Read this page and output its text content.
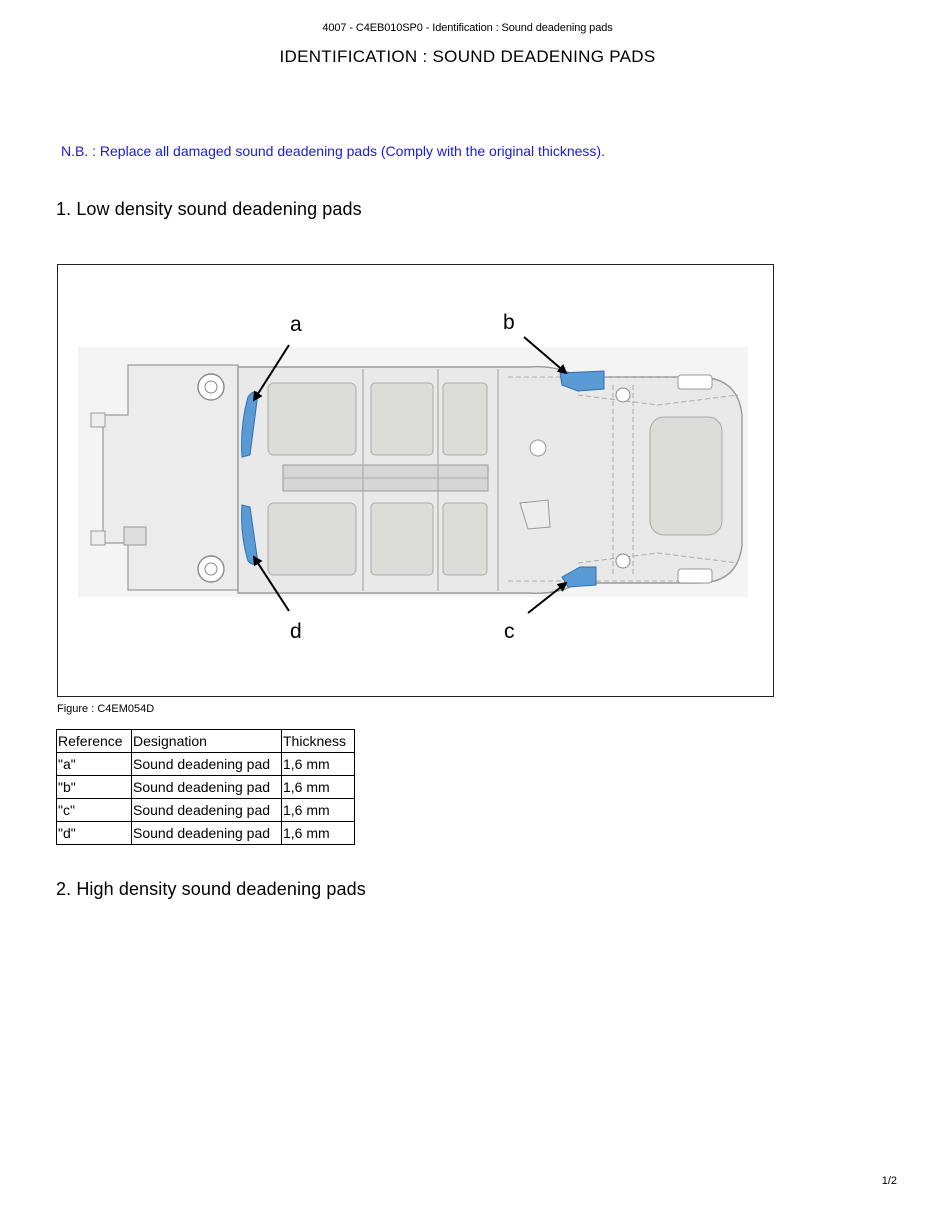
4007 - C4EB010SP0 - Identification : Sound deadening pads
IDENTIFICATION : SOUND DEADENING PADS
N.B. : Replace all damaged sound deadening pads (Comply with the original thickness).
1. Low density sound deadening pads
a	b
c
d
Figure : C4EM054D
Reference	Designation	Thickness
"a"	Sound deadening pad	1,6 mm
"b"	Sound deadening pad	1,6 mm
"c"	Sound deadening pad	1,6 mm
"d"	Sound deadening pad	1,6 mm
2. High density sound deadening pads
1/2
